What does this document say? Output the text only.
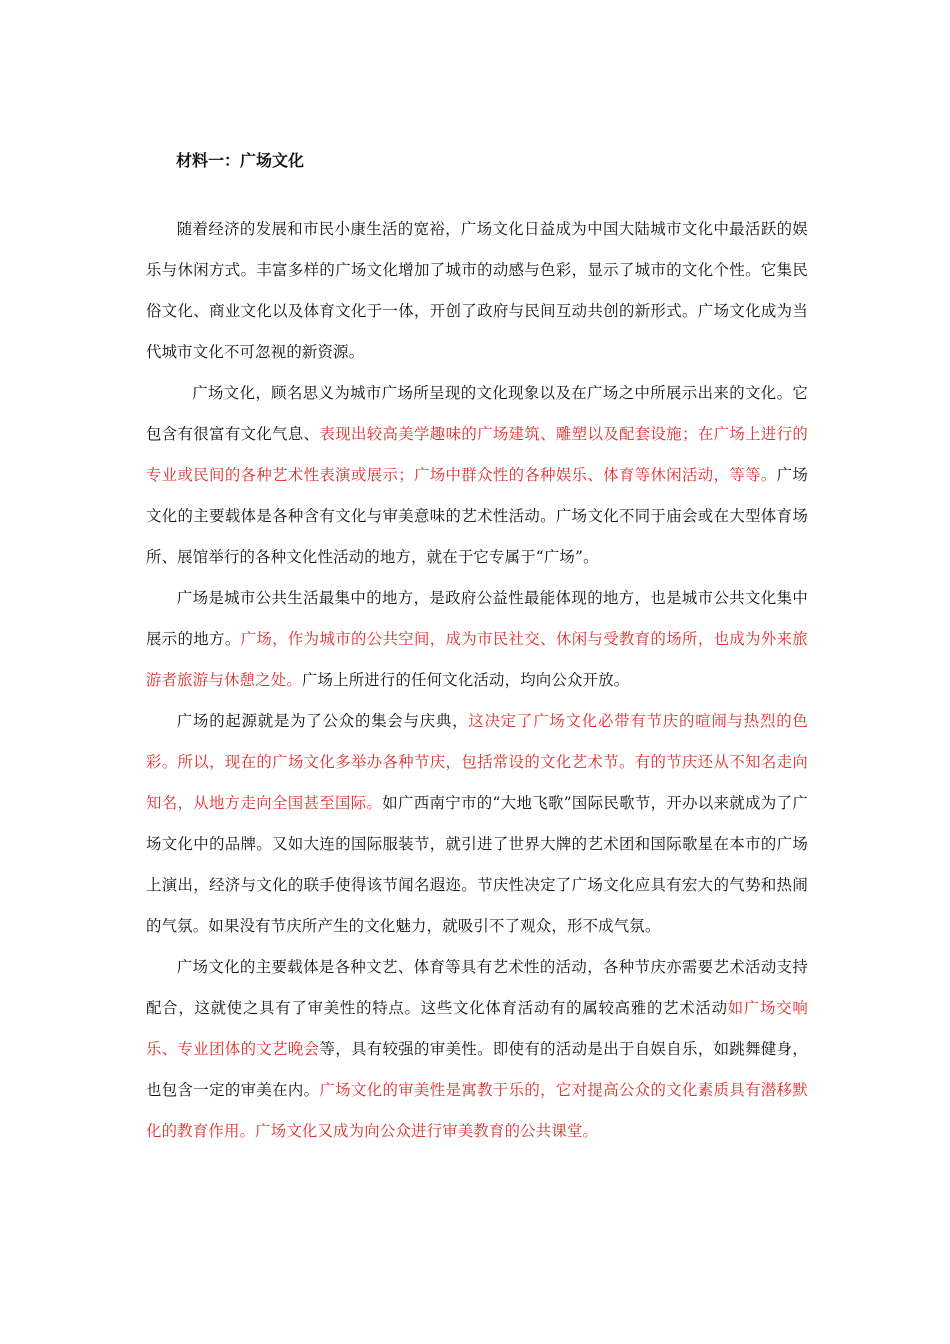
材料一：广场文化

随着经济的发展和市民小康生活的宽裕，广场文化日益成为中国大陆城市文化中最活跃的娱乐与休闲方式。丰富多样的广场文化增加了城市的动感与色彩，显示了城市的文化个性。它集民俗文化、商业文化以及体育文化于一体，开创了政府与民间互动共创的新形式。广场文化成为当代城市文化不可忽视的新资源。

广场文化，顾名思义为城市广场所呈现的文化现象以及在广场之中所展示出来的文化。它包含有很富有文化气息、表现出较高美学趣味的广场建筑、雕塑以及配套设施；在广场上进行的专业或民间的各种艺术性表演或展示；广场中群众性的各种娱乐、体育等休闲活动，等等。广场文化的主要载体是各种含有文化与审美意味的艺术性活动。广场文化不同于庙会或在大型体育场所、展馆举行的各种文化性活动的地方，就在于它专属于“广场”。

广场是城市公共生活最集中的地方，是政府公益性最能体现的地方，也是城市公共文化集中展示的地方。广场，作为城市的公共空间，成为市民社交、休闲与受教育的场所，也成为外来旅游者旅游与休憩之处。广场上所进行的任何文化活动，均向公众开放。

广场的起源就是为了公众的集会与庆典，这决定了广场文化必带有节庆的喧闹与热烈的色彩。所以，现在的广场文化多举办各种节庆，包括常设的文化艺术节。有的节庆还从不知名走向知名，从地方走向全国甚至国际。如广西南宁市的“大地飞歌”国际民歌节，开办以来就成为了广场文化中的品牌。又如大连的国际服装节，就引进了世界大牌的艺术团和国际歌星在本市的广场上演出，经济与文化的联手使得该节闻名遐迩。节庆性决定了广场文化应具有宏大的气势和热闹的气氛。如果没有节庆所产生的文化魅力，就吸引不了观众，形不成气氛。

广场文化的主要载体是各种文艺、体育等具有艺术性的活动，各种节庆亦需要艺术活动支持配合，这就使之具有了审美性的特点。这些文化体育活动有的属较高雅的艺术活动如广场交响乐、专业团体的文艺晚会等，具有较强的审美性。即使有的活动是出于自娱自乐，如跳舞健身，也包含一定的审美在内。广场文化的审美性是寓教于乐的，它对提高公众的文化素质具有潜移默化的教育作用。广场文化又成为向公众进行审美教育的公共课堂。
